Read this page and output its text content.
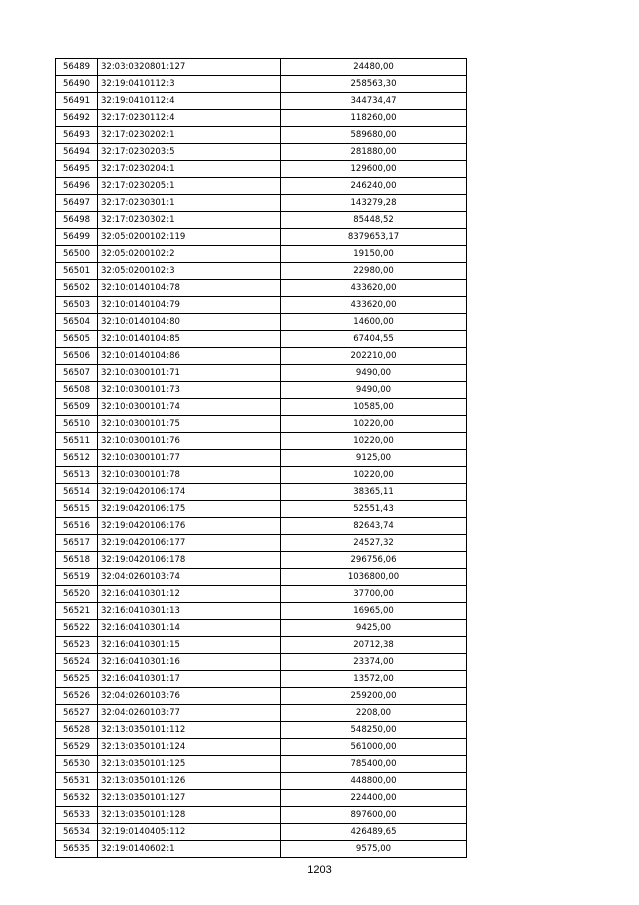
56489	32:03:0320801:127	24480,00
56490	32:19:0410112:3	258563,30
56491	32:19:0410112:4	344734,47
56492	32:17:0230112:4	118260,00
56493	32:17:0230202:1	589680,00
56494	32:17:0230203:5	281880,00
56495	32:17:0230204:1	129600,00
56496	32:17:0230205:1	246240,00
56497	32:17:0230301:1	143279,28
56498	32:17:0230302:1	85448,52
56499	32:05:0200102:119	8379653,17
56500	32:05:0200102:2	19150,00
56501	32:05:0200102:3	22980,00
56502	32:10:0140104:78	433620,00
56503	32:10:0140104:79	433620,00
56504	32:10:0140104:80	14600,00
56505	32:10:0140104:85	67404,55
56506	32:10:0140104:86	202210,00
56507	32:10:0300101:71	9490,00
56508	32:10:0300101:73	9490,00
56509	32:10:0300101:74	10585,00
56510	32:10:0300101:75	10220,00
56511	32:10:0300101:76	10220,00
56512	32:10:0300101:77	9125,00
56513	32:10:0300101:78	10220,00
56514	32:19:0420106:174	38365,11
56515	32:19:0420106:175	52551,43
56516	32:19:0420106:176	82643,74
56517	32:19:0420106:177	24527,32
56518	32:19:0420106:178	296756,06
56519	32:04:0260103:74	1036800,00
56520	32:16:0410301:12	37700,00
56521	32:16:0410301:13	16965,00
56522	32:16:0410301:14	9425,00
56523	32:16:0410301:15	20712,38
56524	32:16:0410301:16	23374,00
56525	32:16:0410301:17	13572,00
56526	32:04:0260103:76	259200,00
56527	32:04:0260103:77	2208,00
56528	32:13:0350101:112	548250,00
56529	32:13:0350101:124	561000,00
56530	32:13:0350101:125	785400,00
56531	32:13:0350101:126	448800,00
56532	32:13:0350101:127	224400,00
56533	32:13:0350101:128	897600,00
56534	32:19:0140405:112	426489,65
56535	32:19:0140602:1	9575,00
1203
